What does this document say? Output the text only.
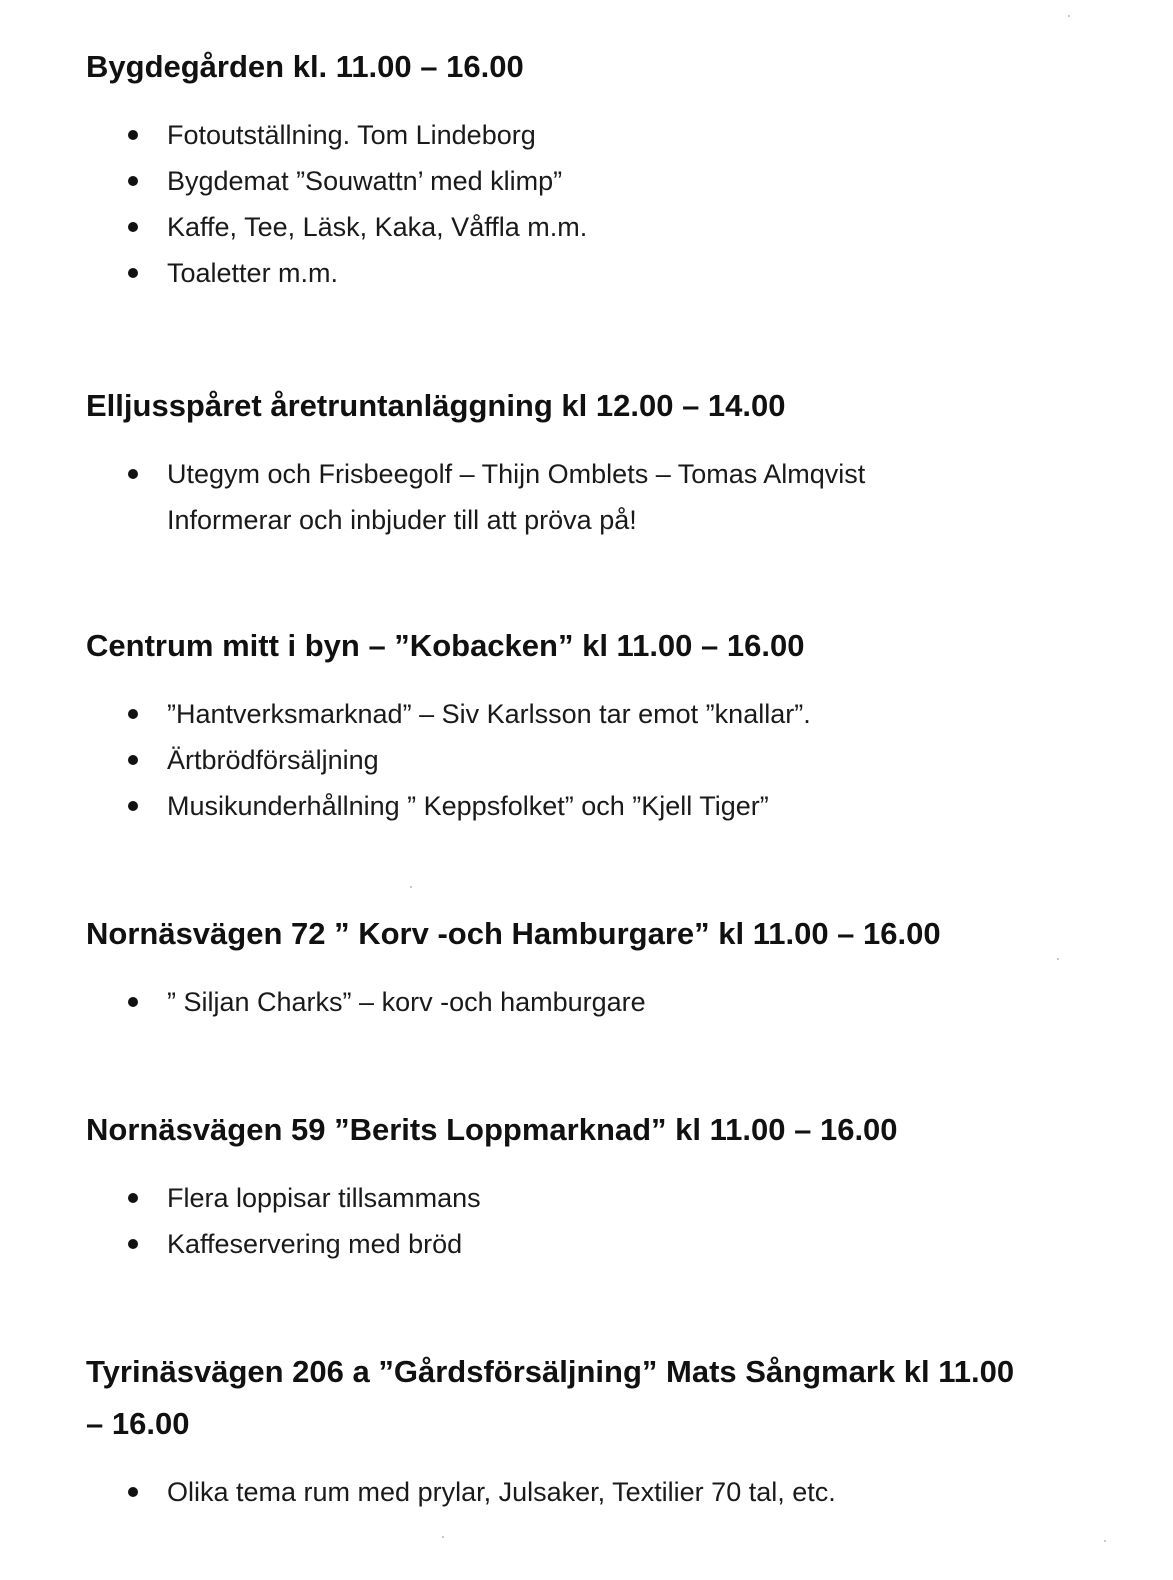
Bygdegården kl. 11.00 – 16.00
Fotoutställning. Tom Lindeborg
Bygdemat ”Souwattn’ med klimp”
Kaffe, Tee, Läsk, Kaka, Våffla m.m.
Toaletter m.m.
Elljusspåret åretruntanläggning kl 12.00 – 14.00
Utegym och Frisbeegolf – Thijn Omblets – Tomas Almqvist
Informerar och inbjuder till att pröva på!
Centrum mitt i byn – ”Kobacken” kl 11.00 – 16.00
”Hantverksmarknad” – Siv Karlsson tar emot ”knallar”.
Ärtbrödförsäljning
Musikunderhållning ” Keppsfolket” och ”Kjell Tiger”
Nornäsvägen 72 ” Korv -och Hamburgare” kl 11.00 – 16.00
” Siljan Charks” – korv -och hamburgare
Nornäsvägen 59 ”Berits Loppmarknad” kl 11.00 – 16.00
Flera loppisar tillsammans
Kaffeservering med bröd
Tyrinäsvägen 206 a ”Gårdsförsäljning” Mats Sångmark kl 11.00
– 16.00
Olika tema rum med prylar, Julsaker, Textilier 70 tal, etc.
